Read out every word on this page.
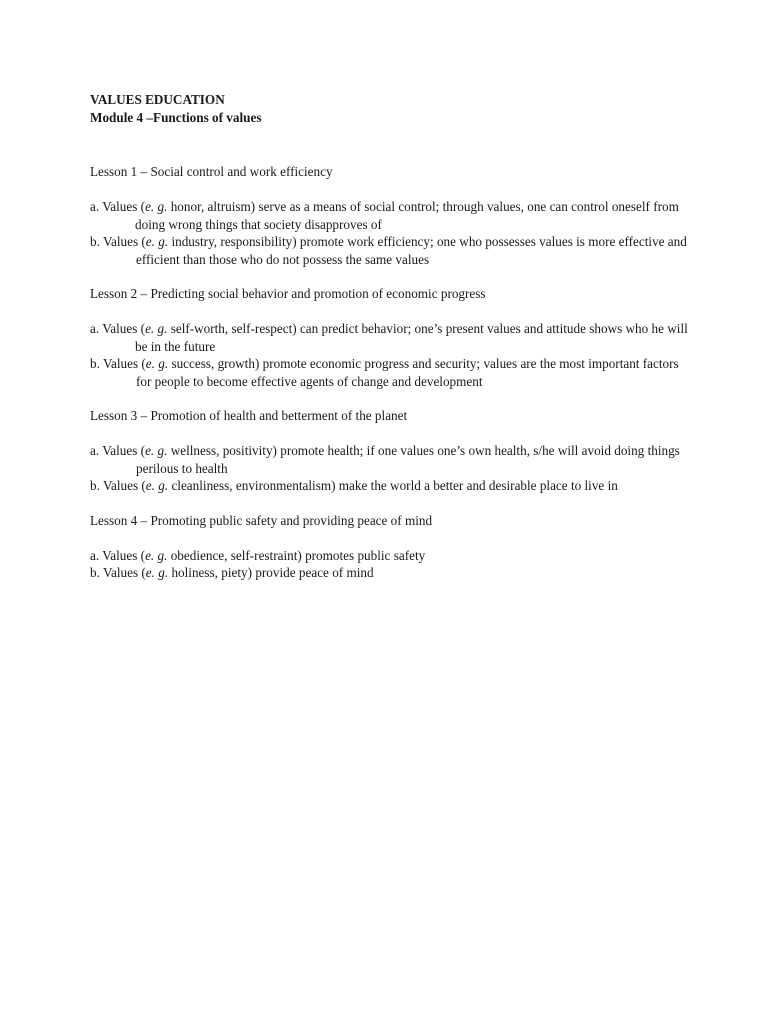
VALUES EDUCATION

Module 4 –Functions of values

Lesson 1 – Social control and work efficiency

a. Values (e. g. honor, altruism) serve as a means of social control; through values, one can control oneself from doing wrong things that society disapproves of

b. Values (e. g. industry, responsibility) promote work efficiency; one who possesses values is more effective and efficient than those who do not possess the same values

Lesson 2 – Predicting social behavior and promotion of economic progress

a. Values (e. g. self-worth, self-respect) can predict behavior; one’s present values and attitude shows who he will be in the future

b. Values (e. g. success, growth) promote economic progress and security; values are the most important factors for people to become effective agents of change and development

Lesson 3 – Promotion of health and betterment of the planet

a. Values (e. g. wellness, positivity) promote health; if one values one’s own health, s/he will avoid doing things perilous to health

b. Values (e. g. cleanliness, environmentalism) make the world a better and desirable place to live in

Lesson 4 – Promoting public safety and providing peace of mind

a. Values (e. g. obedience, self-restraint) promotes public safety

b. Values (e. g. holiness, piety) provide peace of mind
